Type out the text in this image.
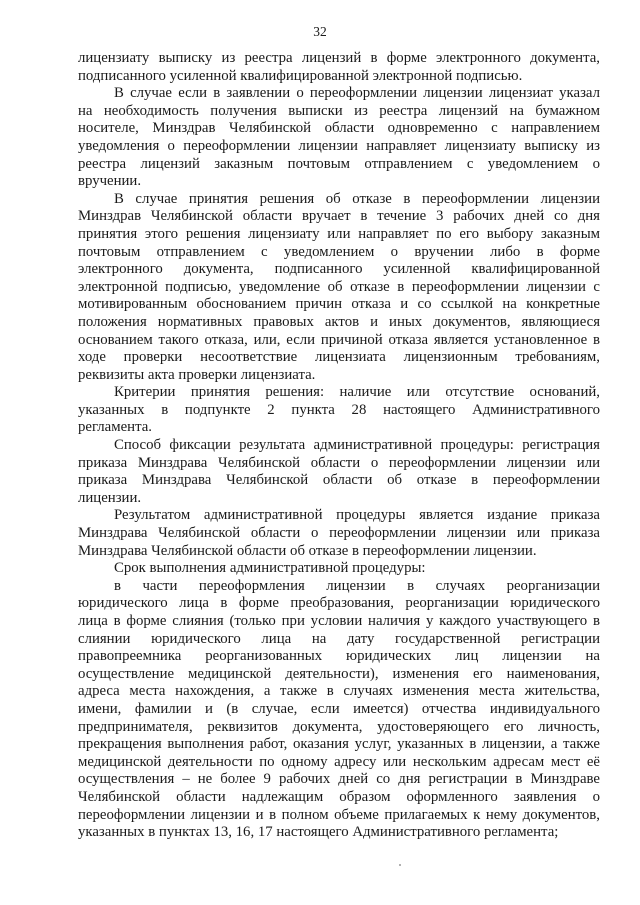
32
лицензиату выписку из реестра лицензий в форме электронного документа,
подписанного усиленной квалифицированной электронной подписью.
В случае если в заявлении о переоформлении лицензии лицензиат указал
на необходимость получения выписки из реестра лицензий на бумажном
носителе, Минздрав Челябинской области одновременно с направлением
уведомления о переоформлении лицензии направляет лицензиату выписку из
реестра лицензий заказным почтовым отправлением с уведомлением о
вручении.
В случае принятия решения об отказе в переоформлении лицензии
Минздрав Челябинской области вручает в течение 3 рабочих дней со дня
принятия этого решения лицензиату или направляет по его выбору заказным
почтовым отправлением с уведомлением о вручении либо в форме
электронного документа, подписанного усиленной квалифицированной
электронной подписью, уведомление об отказе в переоформлении лицензии с
мотивированным обоснованием причин отказа и со ссылкой на конкретные
положения нормативных правовых актов и иных документов, являющиеся
основанием такого отказа, или, если причиной отказа является установленное в
ходе проверки несоответствие лицензиата лицензионным требованиям,
реквизиты акта проверки лицензиата.
Критерии принятия решения: наличие или отсутствие оснований,
указанных в подпункте 2 пункта 28 настоящего Административного
регламента.
Способ фиксации результата административной процедуры: регистрация
приказа Минздрава Челябинской области о переоформлении лицензии или
приказа Минздрава Челябинской области об отказе в переоформлении
лицензии.
Результатом административной процедуры является издание приказа
Минздрава Челябинской области о переоформлении лицензии или приказа
Минздрава Челябинской области об отказе в переоформлении лицензии.
Срок выполнения административной процедуры:
в части переоформления лицензии в случаях реорганизации
юридического лица в форме преобразования, реорганизации юридического
лица в форме слияния (только при условии наличия у каждого участвующего в
слиянии юридического лица на дату государственной регистрации
правопреемника реорганизованных юридических лиц лицензии на
осуществление медицинской деятельности), изменения его наименования,
адреса места нахождения, а также в случаях изменения места жительства,
имени, фамилии и (в случае, если имеется) отчества индивидуального
предпринимателя, реквизитов документа, удостоверяющего его личность,
прекращения выполнения работ, оказания услуг, указанных в лицензии, а также
медицинской деятельности по одному адресу или нескольким адресам мест её
осуществления – не более 9 рабочих дней со дня регистрации в Минздраве
Челябинской области надлежащим образом оформленного заявления о
переоформлении лицензии и в полном объеме прилагаемых к нему документов,
указанных в пунктах 13, 16, 17 настоящего Административного регламента;
